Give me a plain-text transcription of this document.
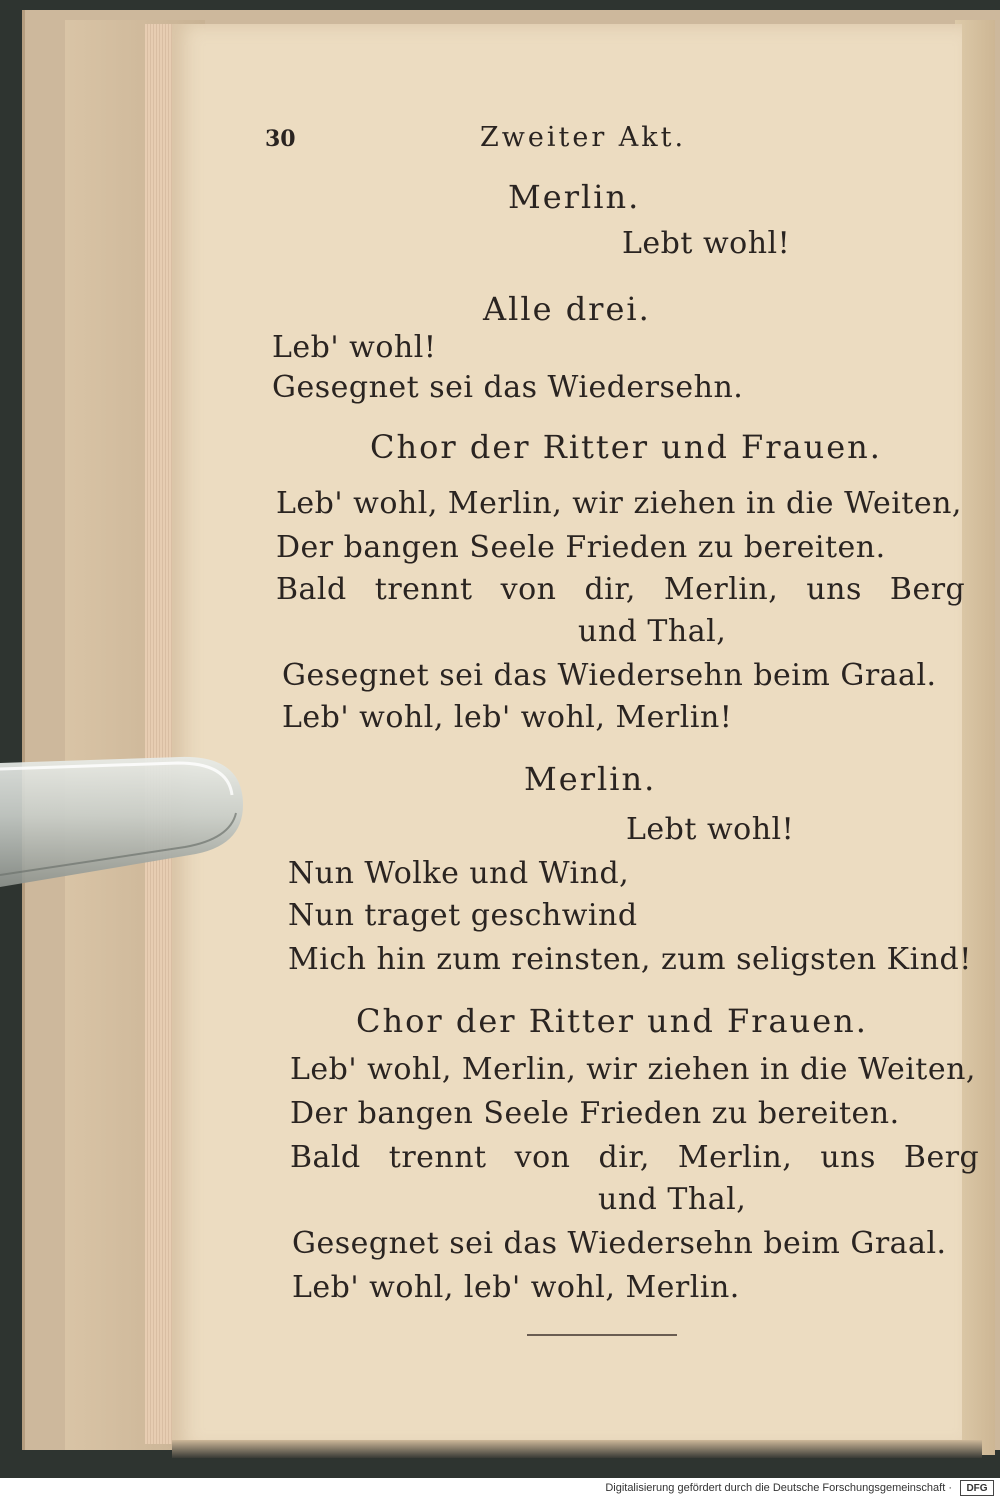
30	Zweiter Akt.
Merlin.
Lebt wohl!
Alle drei.
Leb' wohl!
Gesegnet sei das Wiedersehn.
Chor der Ritter und Frauen.
Leb' wohl, Merlin, wir ziehen in die Weiten,
Der bangen Seele Frieden zu bereiten.
Bald trennt von dir, Merlin, uns Berg
und Thal,
Gesegnet sei das Wiedersehn beim Graal.
Leb' wohl, leb' wohl, Merlin!
Merlin.
Lebt wohl!
Nun Wolke und Wind,
Nun traget geschwind
Mich hin zum reinsten, zum seligsten Kind!
Chor der Ritter und Frauen.
Leb' wohl, Merlin, wir ziehen in die Weiten,
Der bangen Seele Frieden zu bereiten.
Bald trennt von dir, Merlin, uns Berg
und Thal,
Gesegnet sei das Wiedersehn beim Graal.
Leb' wohl, leb' wohl, Merlin.
Digitalisierung gefördert durch die Deutsche Forschungsgemeinschaft ·	DFG
